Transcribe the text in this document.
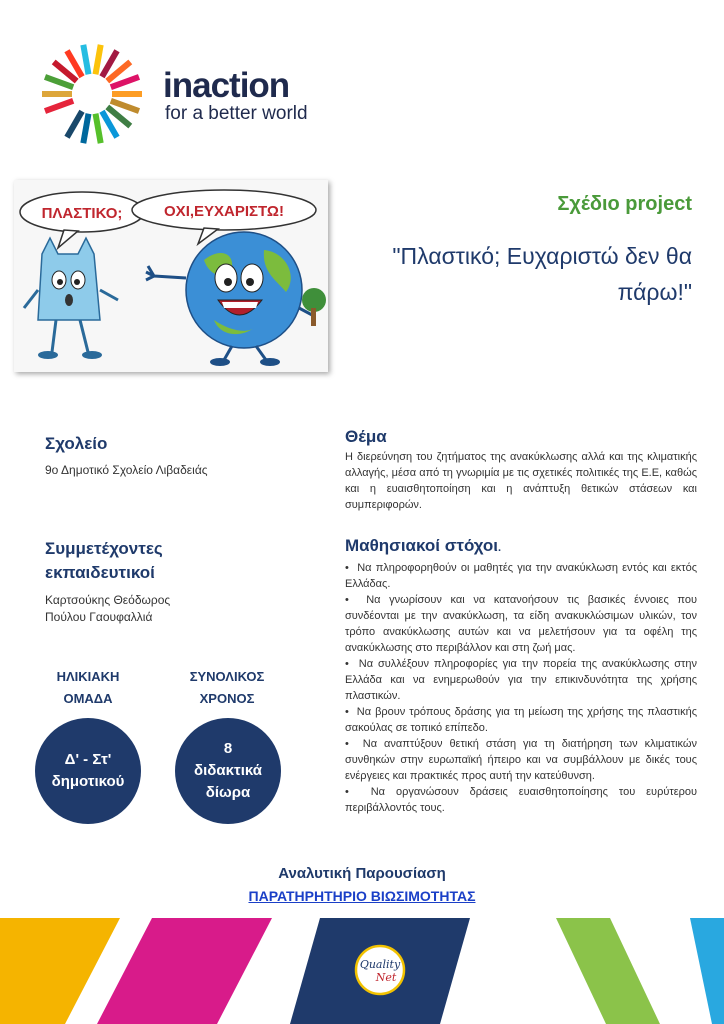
inaction
for a better world
ΠΛΑΣΤΙΚΟ;	ΟΧΙ,ΕΥΧΑΡΙΣΤΩ!	Σχέδιο project
"Πλαστικό; Ευχαριστώ δεν θα πάρω!"
Σχολείο
9ο Δημοτικό Σχολείο Λιβαδειάς
Συμμετέχοντες
εκπαιδευτικοί
Καρτσούκης Θεόδωρος
Πούλου Γαουφαλλιά
ΗΛΙΚΙΑΚΗ
ΟΜΑΔΑ
ΣΥΝΟΛΙΚΟΣ
ΧΡΟΝΟΣ
Δ' - Στ'
δημοτικού
8
διδακτικά
δίωρα
Θέμα
Η διερεύνηση του ζητήματος της ανακύκλωσης αλλά και της κλιματικής αλλαγής, μέσα από τη γνωριμία με τις σχετικές πολιτικές της Ε.Ε, καθώς και η ευαισθητοποίηση και η ανάπτυξη θετικών στάσεων και συμπεριφορών.
Μαθησιακοί στόχοι.
•  Να πληροφορηθούν οι μαθητές για την ανακύκλωση εντός και εκτός Ελλάδας.
•  Να γνωρίσουν και να κατανοήσουν τις βασικές έννοιες που συνδέονται με την ανακύκλωση, τα είδη ανακυκλώσιμων υλικών, τον τρόπο ανακύκλωσης αυτών και να μελετήσουν για τα οφέλη της ανακύκλωσης στο περιβάλλον και στη ζωή μας.
•  Να συλλέξουν πληροφορίες για την πορεία της ανακύκλωσης στην Ελλάδα και να ενημερωθούν για την επικινδυνότητα της χρήσης πλαστικών.
•  Να βρουν τρόπους δράσης για τη μείωση της χρήσης της πλαστικής σακούλας σε τοπικό επίπεδο.
•  Να αναπτύξουν θετική στάση για τη διατήρηση των κλιματικών συνθηκών στην ευρωπαϊκή ήπειρο και να συμβάλλουν με δικές τους ενέργειες και πρακτικές προς αυτή την κατεύθυνση.
•  Να οργανώσουν δράσεις ευαισθητοποίησης του ευρύτερου περιβάλλοντός τους.
Αναλυτική Παρουσίαση
ΠΑΡΑΤΗΡΗΤΗΡΙΟ ΒΙΩΣΙΜΟΤΗΤΑΣ
Quality
Net
